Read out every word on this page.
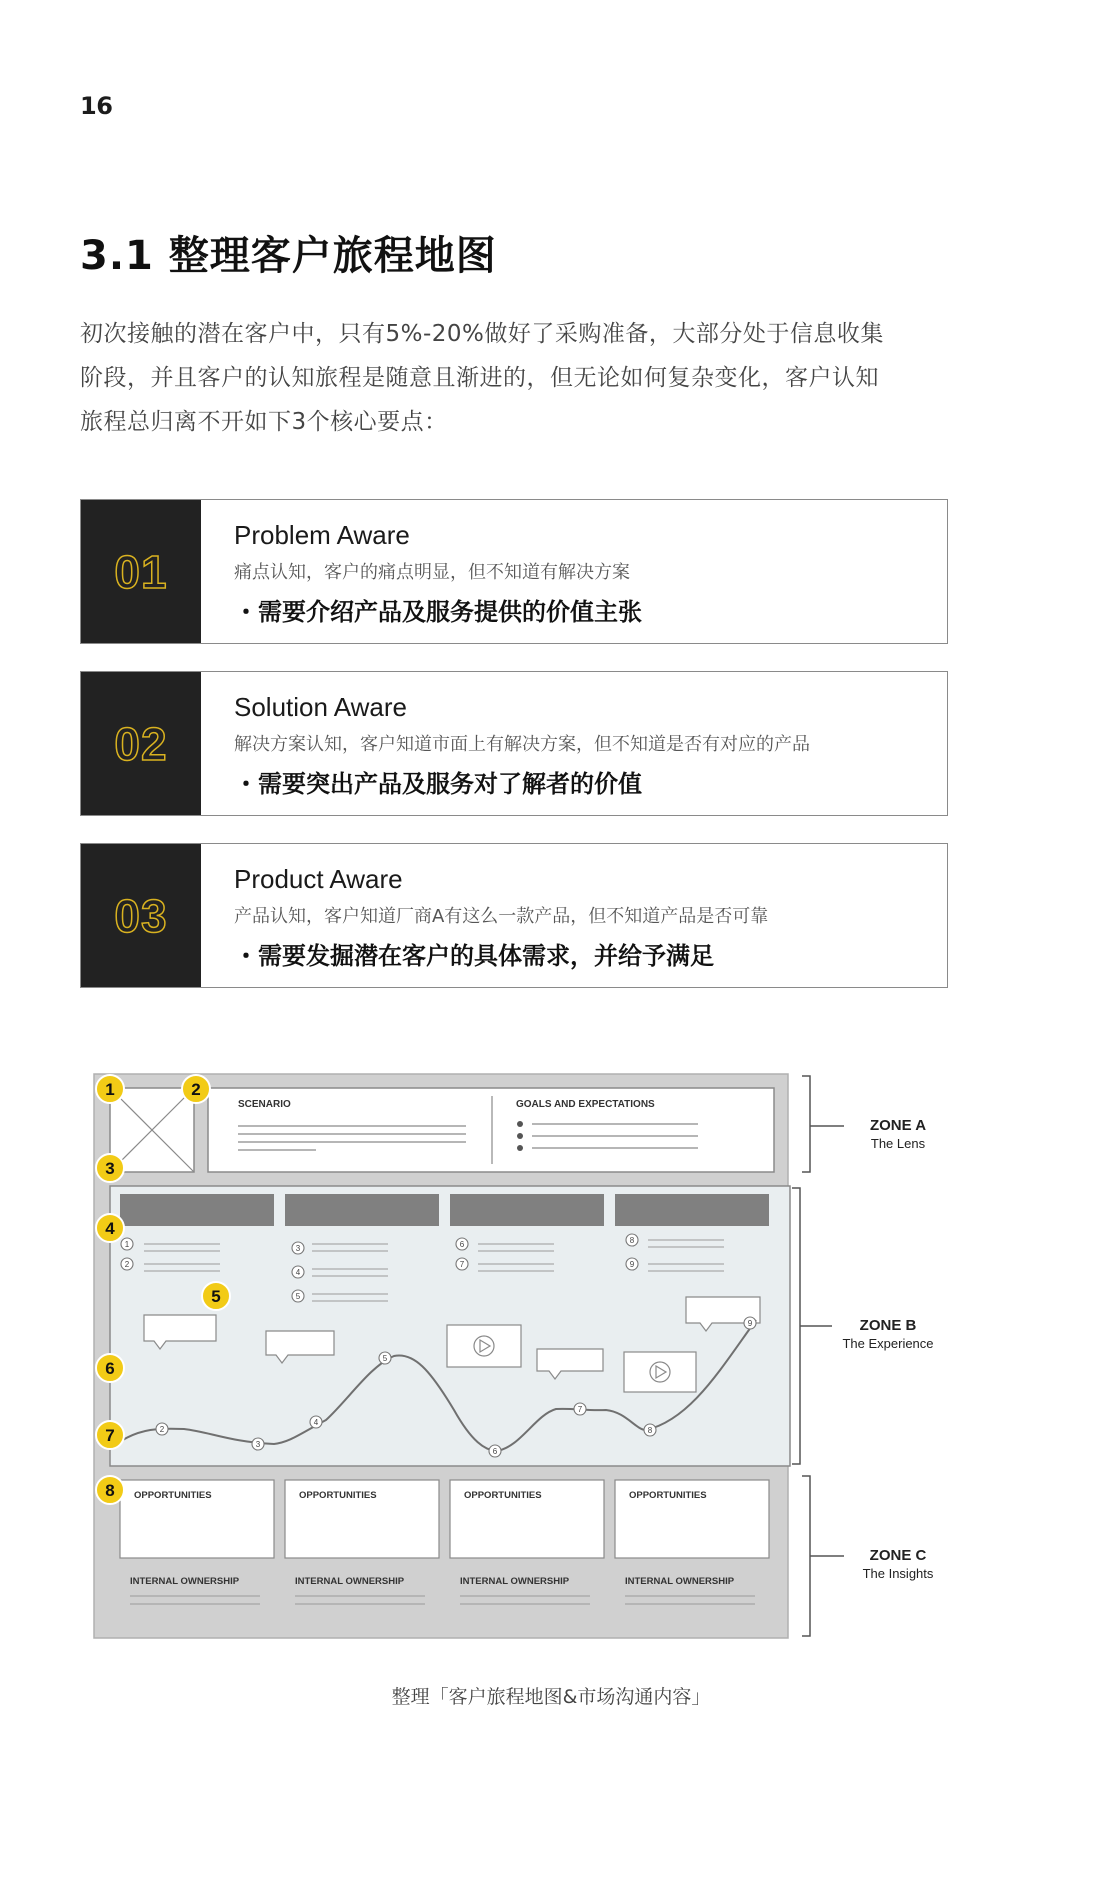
16
3.1 整理客户旅程地图
初次接触的潜在客户中，只有5%-20%做好了采购准备，大部分处于信息收集
阶段，并且客户的认知旅程是随意且渐进的，但无论如何复杂变化，客户认知
旅程总归离不开如下3个核心要点：
01
Problem Aware
痛点认知，客户的痛点明显，但不知道有解决方案
・需要介绍产品及服务提供的价值主张
02
Solution Aware
解决方案认知，客户知道市面上有解决方案，但不知道是否有对应的产品
・需要突出产品及服务对了解者的价值
03
Product Aware
产品认知，客户知道厂商A有这么一款产品，但不知道产品是否可靠
・需要发掘潜在客户的具体需求，并给予满足
SCENARIO	GOALS AND EXPECTATIONS
1
2
3
4
5
6
7
8
9
2
3
4
5
6
7
8
9
OPPORTUNITIES	OPPORTUNITIES	OPPORTUNITIES	OPPORTUNITIES
INTERNAL OWNERSHIP	INTERNAL OWNERSHIP	INTERNAL OWNERSHIP	INTERNAL OWNERSHIP
1	2
3
4
5
6
7
8
ZONE A
The Lens
ZONE B
The Experience
ZONE C
The Insights
整理「客户旅程地图&市场沟通内容」
